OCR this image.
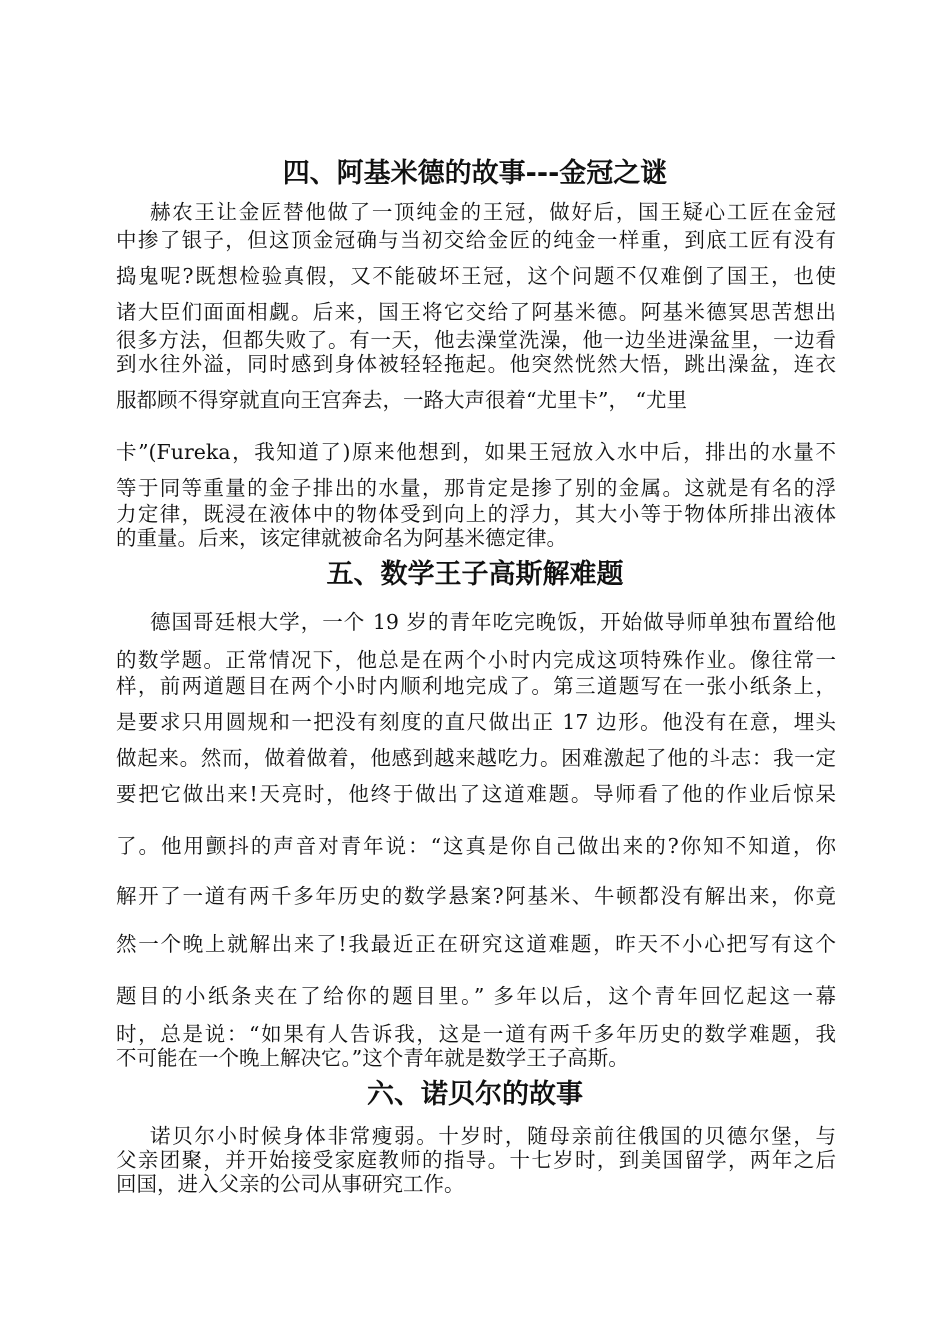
四、阿基米德的故事---金冠之谜

赫农王让金匠替他做了一顶纯金的王冠，做好后，国王疑心工匠在金冠

中掺了银子，但这顶金冠确与当初交给金匠的纯金一样重，到底工匠有没有

捣鬼呢?既想检验真假，又不能破坏王冠，这个问题不仅难倒了国王，也使

诸大臣们面面相觑。后来，国王将它交给了阿基米德。阿基米德冥思苦想出

很多方法，但都失败了。有一天，他去澡堂洗澡，他一边坐进澡盆里，一边看

到水往外溢，同时感到身体被轻轻拖起。他突然恍然大悟，跳出澡盆，连衣

服都顾不得穿就直向王宫奔去，一路大声很着“尤里卡”， “尤里

卡”(Fureka，我知道了)原来他想到，如果王冠放入水中后，排出的水量不

等于同等重量的金子排出的水量，那肯定是掺了别的金属。这就是有名的浮

力定律，既浸在液体中的物体受到向上的浮力，其大小等于物体所排出液体

的重量。后来，该定律就被命名为阿基米德定律。

五、数学王子高斯解难题

德国哥廷根大学，一个 19 岁的青年吃完晚饭，开始做导师单独布置给他

的数学题。正常情况下，他总是在两个小时内完成这项特殊作业。像往常一

样，前两道题目在两个小时内顺利地完成了。第三道题写在一张小纸条上，

是要求只用圆规和一把没有刻度的直尺做出正 17 边形。他没有在意，埋头

做起来。然而，做着做着，他感到越来越吃力。困难激起了他的斗志：我一定

要把它做出来!天亮时，他终于做出了这道难题。导师看了他的作业后惊呆

了。他用颤抖的声音对青年说：“这真是你自己做出来的?你知不知道，你

解开了一道有两千多年历史的数学悬案?阿基米、牛顿都没有解出来，你竟

然一个晚上就解出来了!我最近正在研究这道难题，昨天不小心把写有这个

题目的小纸条夹在了给你的题目里。” 多年以后，这个青年回忆起这一幕

时，总是说：“如果有人告诉我，这是一道有两千多年历史的数学难题，我

不可能在一个晚上解决它。”这个青年就是数学王子高斯。

六、诺贝尔的故事

诺贝尔小时候身体非常瘦弱。十岁时，随母亲前往俄国的贝德尔堡，与

父亲团聚，并开始接受家庭教师的指导。十七岁时，到美国留学，两年之后

回国，进入父亲的公司从事研究工作。
